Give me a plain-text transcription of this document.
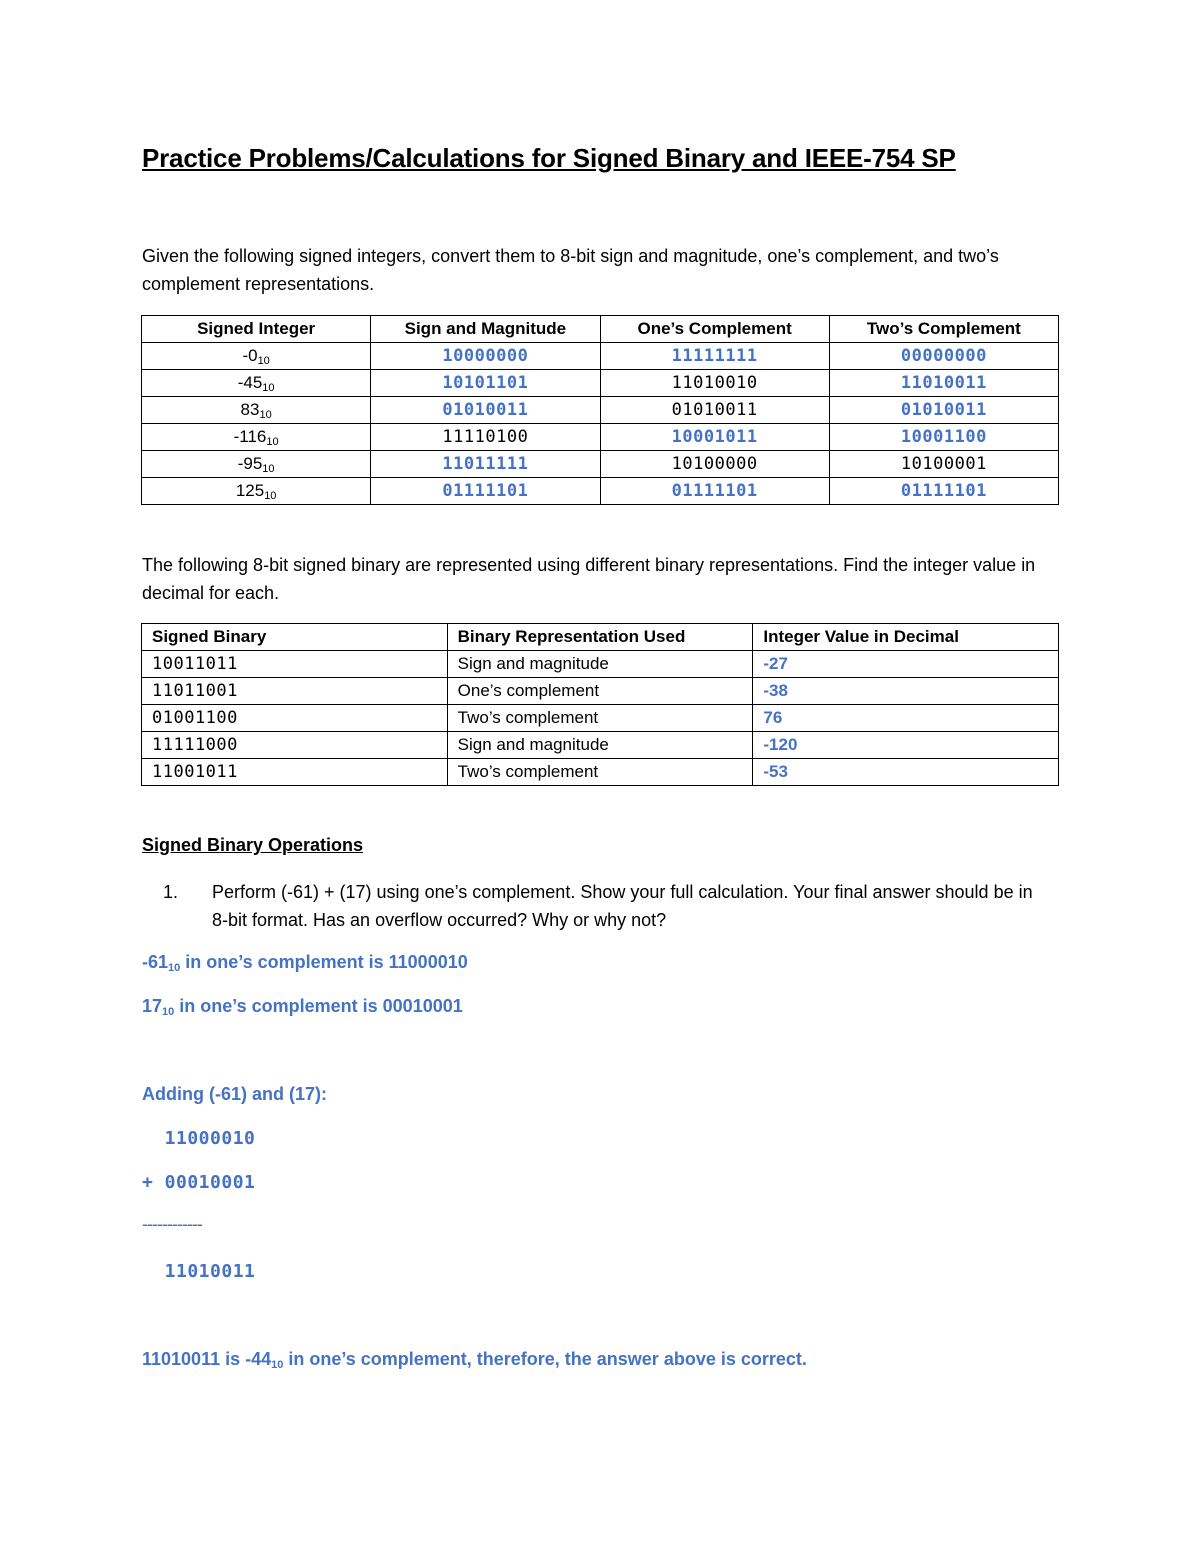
Practice Problems/Calculations for Signed Binary and IEEE-754 SP
Given the following signed integers, convert them to 8-bit sign and magnitude, one’s complement, and two’s complement representations.
Signed Integer	Sign and Magnitude	One’s Complement	Two’s Complement
$-0_{10}$	10000000	11111111	00000000
$-45_{10}$	10101101	11010010	11010011
$83_{10}$	01010011	01010011	01010011
$-116_{10}$	11110100	10001011	10001100
$-95_{10}$	11011111	10100000	10100001
$125_{10}$	01111101	01111101	01111101
The following 8-bit signed binary are represented using different binary representations. Find the integer value in decimal for each.
Signed Binary	Binary Representation Used	Integer Value in Decimal
10011011	Sign and magnitude	-27
11011001	One’s complement	-38
01001100	Two’s complement	76
11111000	Sign and magnitude	-120
11001011	Two’s complement	-53
Signed Binary Operations
1.	Perform (-61) + (17) using one’s complement. Show your full calculation. Your final answer should be in 8-bit format. Has an overflow occurred? Why or why not?
$-61_{10}$ in one’s complement is 11000010
$17_{10}$ in one’s complement is 00010001
Adding (-61) and (17):
11000010
+ 00010001
------------
11010011
11010011 is $-44_{10}$ in one’s complement, therefore, the answer above is correct.
